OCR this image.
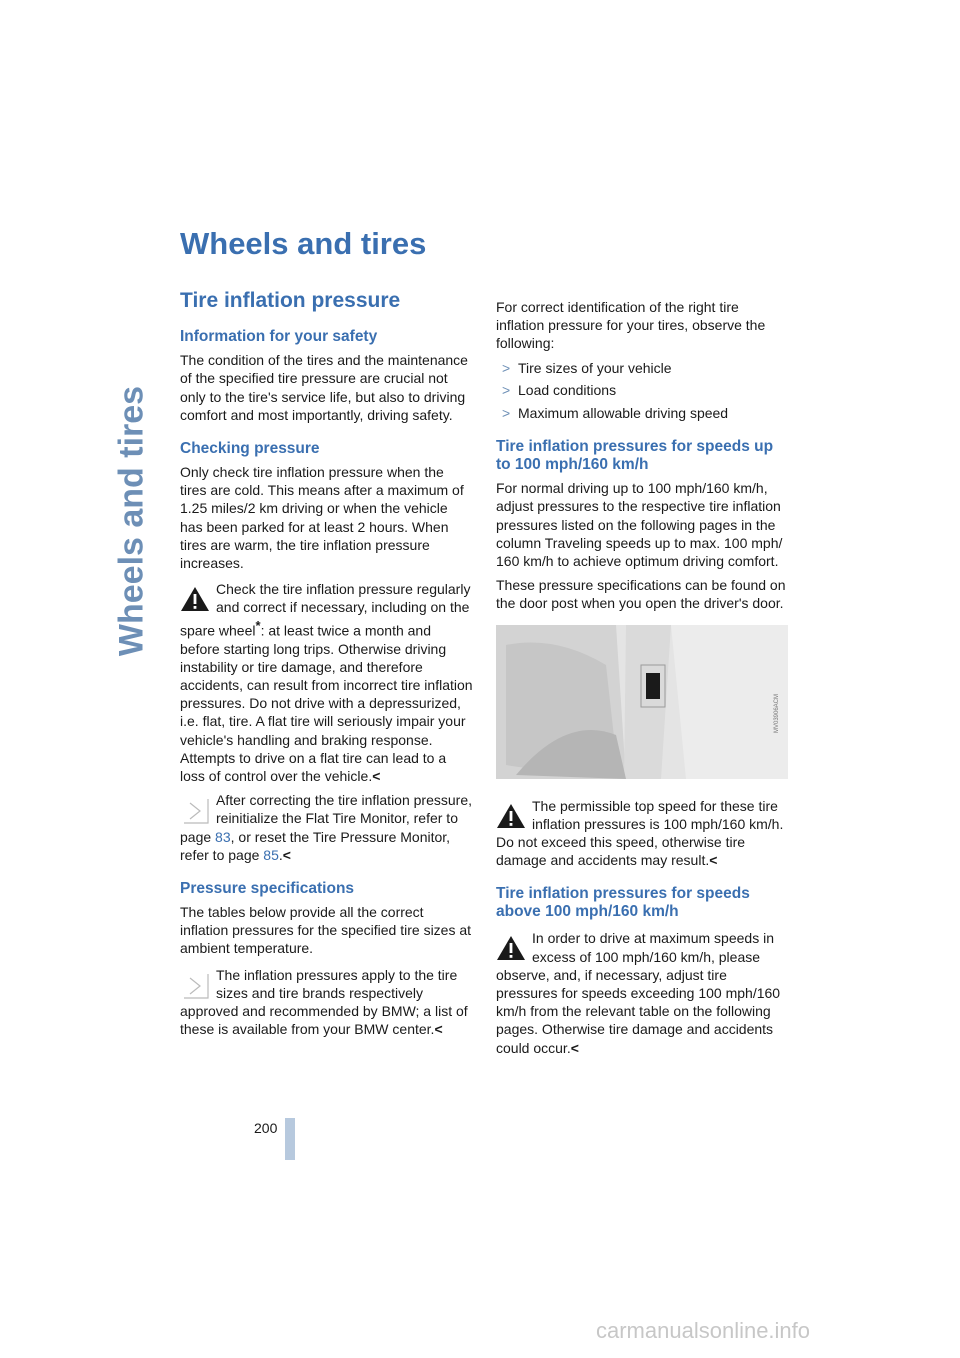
Wheels and tires
Wheels and tires
Tire inflation pressure
Information for your safety

The condition of the tires and the maintenance of the specified tire pressure are crucial not only to the tire's service life, but also to driving comfort and most importantly, driving safety.

Checking pressure

Only check tire inflation pressure when the tires are cold. This means after a maximum of 1.25 miles/2 km driving or when the vehicle has been parked for at least 2 hours. When tires are warm, the tire inflation pressure increases.

Check the tire inflation pressure regularly and correct if necessary, including on the spare wheel*: at least twice a month and before starting long trips. Otherwise driving instability or tire damage, and therefore accidents, can result from incorrect tire inflation pressures. Do not drive with a depressurized, i.e. flat, tire. A flat tire will seriously impair your vehicle's handling and braking response. Attempts to drive on a flat tire can lead to a loss of control over the vehicle.<
After correcting the tire inflation pressure, reinitialize the Flat Tire Monitor, refer to page 83, or reset the Tire Pressure Monitor, refer to page 85.<
Pressure specifications

The tables below provide all the correct inflation pressures for the specified tire sizes at ambient temperature.

The inflation pressures apply to the tire sizes and tire brands respectively approved and recommended by BMW; a list of these is available from your BMW center.<

For correct identification of the right tire inflation pressure for your tires, observe the following:

> Tire sizes of your vehicle
> Load conditions
> Maximum allowable driving speed
Tire inflation pressures for speeds up to 100 mph/160 km/h

For normal driving up to 100 mph/160 km/h, adjust pressures to the respective tire inflation pressures listed on the following pages in the column Traveling speeds up to max. 100 mph/ 160 km/h to achieve optimum driving comfort.

These pressure specifications can be found on the door post when you open the driver's door.

MV03906ACM
The permissible top speed for these tire inflation pressures is 100 mph/160 km/h. Do not exceed this speed, otherwise tire damage and accidents may result.<
Tire inflation pressures for speeds above 100 mph/160 km/h
In order to drive at maximum speeds in excess of 100 mph/160 km/h, please observe, and, if necessary, adjust tire pressures for speeds exceeding 100 mph/160 km/h from the relevant table on the following pages. Otherwise tire damage and accidents could occur.<
200
carmanualsonline.info
